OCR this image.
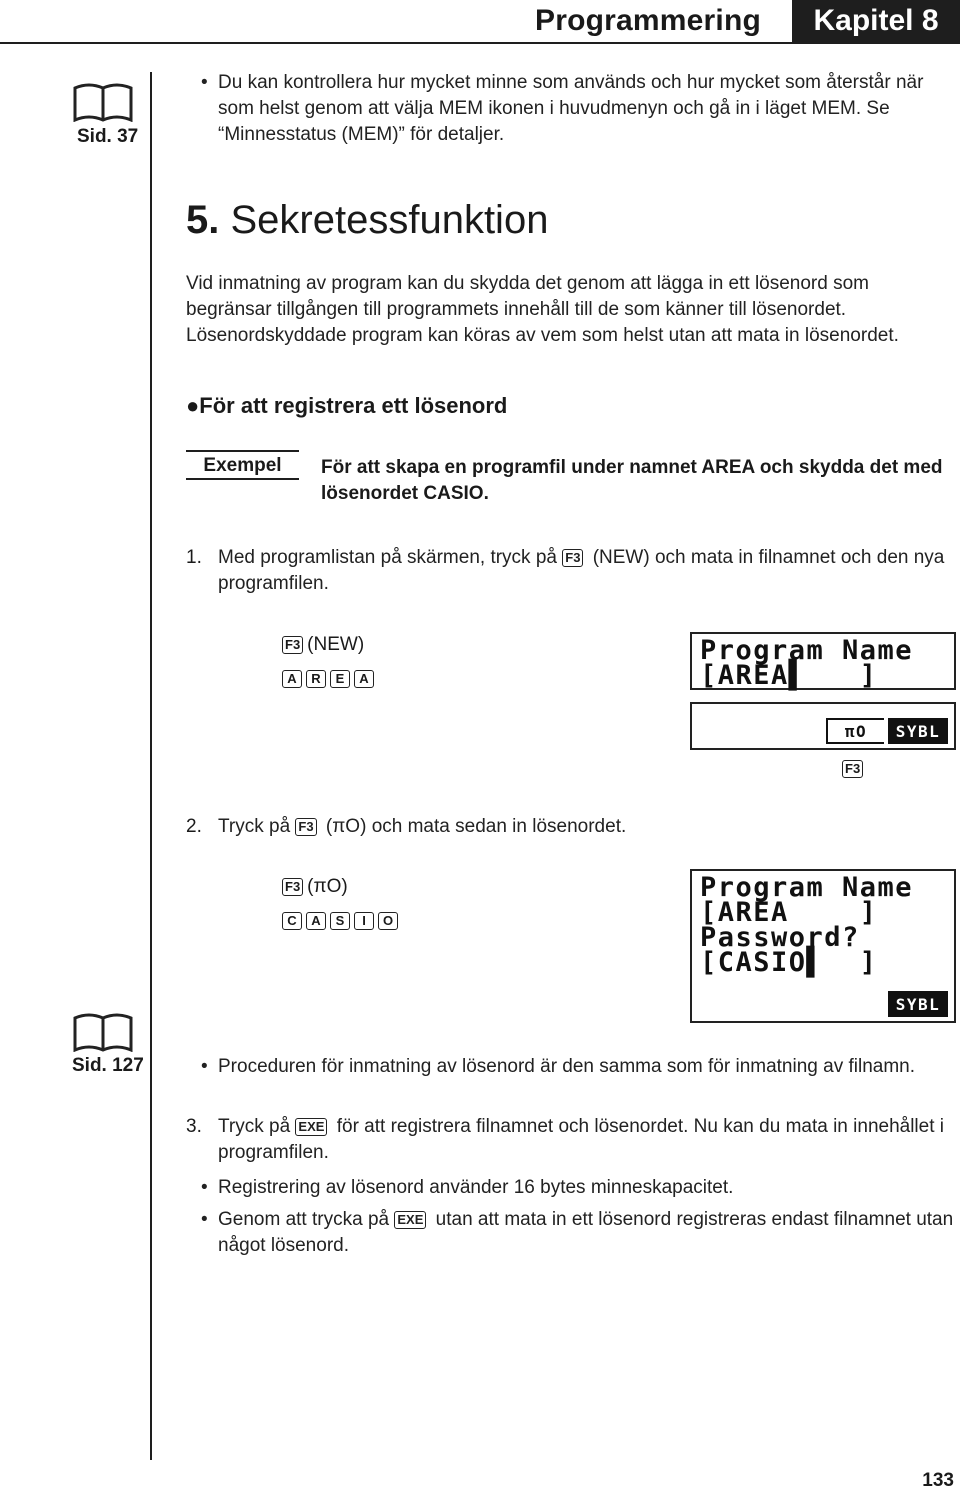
Programmering	Kapitel 8
Sid. 37
• Du kan kontrollera hur mycket minne som används och hur mycket som återstår när som helst genom att välja MEM ikonen i huvudmenyn och gå in i läget MEM. Se “Minnesstatus (MEM)” för detaljer.
5. Sekretessfunktion
Vid inmatning av program kan du skydda det genom att lägga in ett lösenord som begränsar tillgången till programmets innehåll till de som känner till lösenordet. Lösenordskyddade program kan köras av vem som helst utan att mata in lösenordet.
●För att registrera ett lösenord
Exempel	För att skapa en programfil under namnet AREA och skydda det med lösenordet CASIO.
1. Med programlistan på skärmen, tryck på F3 (NEW) och mata in filnamnet och den nya programfilen.
F3 (NEW)
A R E A
Program Name
[AREA▌   ]
πO	SYBL
F3
2. Tryck på F3 (πO) och mata sedan in lösenordet.
F3 (πO)
C A S I O
Program Name
[AREA    ]
Password?
[CASIO▌  ]
SYBL
Sid. 127	• Proceduren för inmatning av lösenord är den samma som för inmatning av filnamn.
3. Tryck på EXE för att registrera filnamnet och lösenordet. Nu kan du mata in innehållet i programfilen.
• Registrering av lösenord använder 16 bytes minneskapacitet.
• Genom att trycka på EXE utan att mata in ett lösenord registreras endast filnamnet utan något lösenord.
133
